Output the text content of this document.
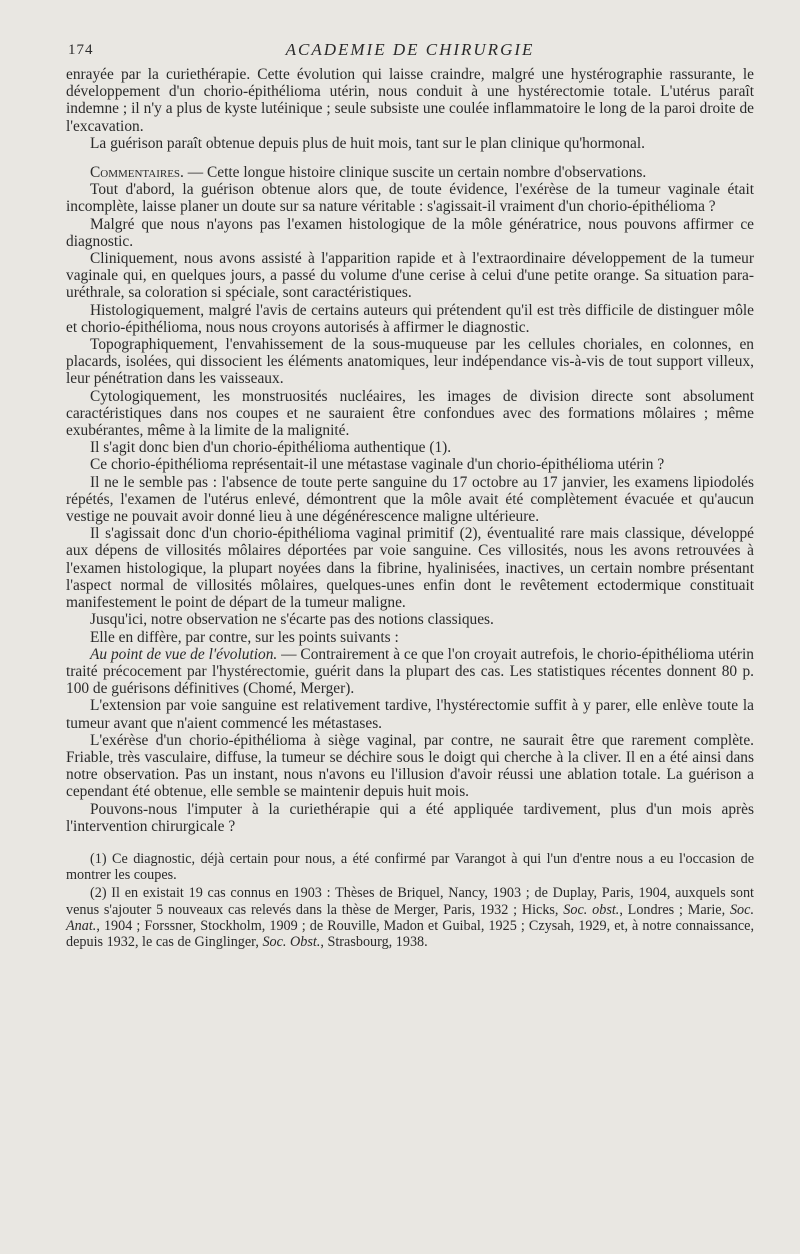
174	ACADEMIE DE CHIRURGIE

enrayée par la curiethérapie. Cette évolution qui laisse craindre, malgré une hystérographie rassurante, le développement d'un chorio-épithélioma utérin, nous conduit à une hystérectomie totale. L'utérus paraît indemne ; il n'y a plus de kyste lutéinique ; seule subsiste une coulée inflammatoire le long de la paroi droite de l'excavation.

La guérison paraît obtenue depuis plus de huit mois, tant sur le plan clinique qu'hormonal.

Commentaires. — Cette longue histoire clinique suscite un certain nombre d'observations.

Tout d'abord, la guérison obtenue alors que, de toute évidence, l'exérèse de la tumeur vaginale était incomplète, laisse planer un doute sur sa nature véritable : s'agissait-il vraiment d'un chorio-épithélioma ?

Malgré que nous n'ayons pas l'examen histologique de la môle génératrice, nous pouvons affirmer ce diagnostic.

Cliniquement, nous avons assisté à l'apparition rapide et à l'extraordinaire développement de la tumeur vaginale qui, en quelques jours, a passé du volume d'une cerise à celui d'une petite orange. Sa situation para-uréthrale, sa coloration si spéciale, sont caractéristiques.

Histologiquement, malgré l'avis de certains auteurs qui prétendent qu'il est très difficile de distinguer môle et chorio-épithélioma, nous nous croyons autorisés à affirmer le diagnostic.

Topographiquement, l'envahissement de la sous-muqueuse par les cellules choriales, en colonnes, en placards, isolées, qui dissocient les éléments anatomiques, leur indépendance vis-à-vis de tout support villeux, leur pénétration dans les vaisseaux.

Cytologiquement, les monstruosités nucléaires, les images de division directe sont absolument caractéristiques dans nos coupes et ne sauraient être confondues avec des formations môlaires ; même exubérantes, même à la limite de la malignité.

Il s'agit donc bien d'un chorio-épithélioma authentique (1).

Ce chorio-épithélioma représentait-il une métastase vaginale d'un chorio-épithélioma utérin ?

Il ne le semble pas : l'absence de toute perte sanguine du 17 octobre au 17 janvier, les examens lipiodolés répétés, l'examen de l'utérus enlevé, démontrent que la môle avait été complètement évacuée et qu'aucun vestige ne pouvait avoir donné lieu à une dégénérescence maligne ultérieure.

Il s'agissait donc d'un chorio-épithélioma vaginal primitif (2), éventualité rare mais classique, développé aux dépens de villosités môlaires déportées par voie sanguine. Ces villosités, nous les avons retrouvées à l'examen histologique, la plupart noyées dans la fibrine, hyalinisées, inactives, un certain nombre présentant l'aspect normal de villosités môlaires, quelques-unes enfin dont le revêtement ectodermique constituait manifestement le point de départ de la tumeur maligne.

Jusqu'ici, notre observation ne s'écarte pas des notions classiques.

Elle en diffère, par contre, sur les points suivants :

Au point de vue de l'évolution. — Contrairement à ce que l'on croyait autrefois, le chorio-épithélioma utérin traité précocement par l'hystérectomie, guérit dans la plupart des cas. Les statistiques récentes donnent 80 p. 100 de guérisons définitives (Chomé, Merger).

L'extension par voie sanguine est relativement tardive, l'hystérectomie suffit à y parer, elle enlève toute la tumeur avant que n'aient commencé les métastases.

L'exérèse d'un chorio-épithélioma à siège vaginal, par contre, ne saurait être que rarement complète. Friable, très vasculaire, diffuse, la tumeur se déchire sous le doigt qui cherche à la cliver. Il en a été ainsi dans notre observation. Pas un instant, nous n'avons eu l'illusion d'avoir réussi une ablation totale. La guérison a cependant été obtenue, elle semble se maintenir depuis huit mois.

Pouvons-nous l'imputer à la curiethérapie qui a été appliquée tardivement, plus d'un mois après l'intervention chirurgicale ?

(1) Ce diagnostic, déjà certain pour nous, a été confirmé par Varangot à qui l'un d'entre nous a eu l'occasion de montrer les coupes.

(2) Il en existait 19 cas connus en 1903 : Thèses de Briquel, Nancy, 1903 ; de Duplay, Paris, 1904, auxquels sont venus s'ajouter 5 nouveaux cas relevés dans la thèse de Merger, Paris, 1932 ; Hicks, Soc. obst., Londres ; Marie, Soc. Anat., 1904 ; Forssner, Stockholm, 1909 ; de Rouville, Madon et Guibal, 1925 ; Czysah, 1929, et, à notre connaissance, depuis 1932, le cas de Ginglinger, Soc. Obst., Strasbourg, 1938.
